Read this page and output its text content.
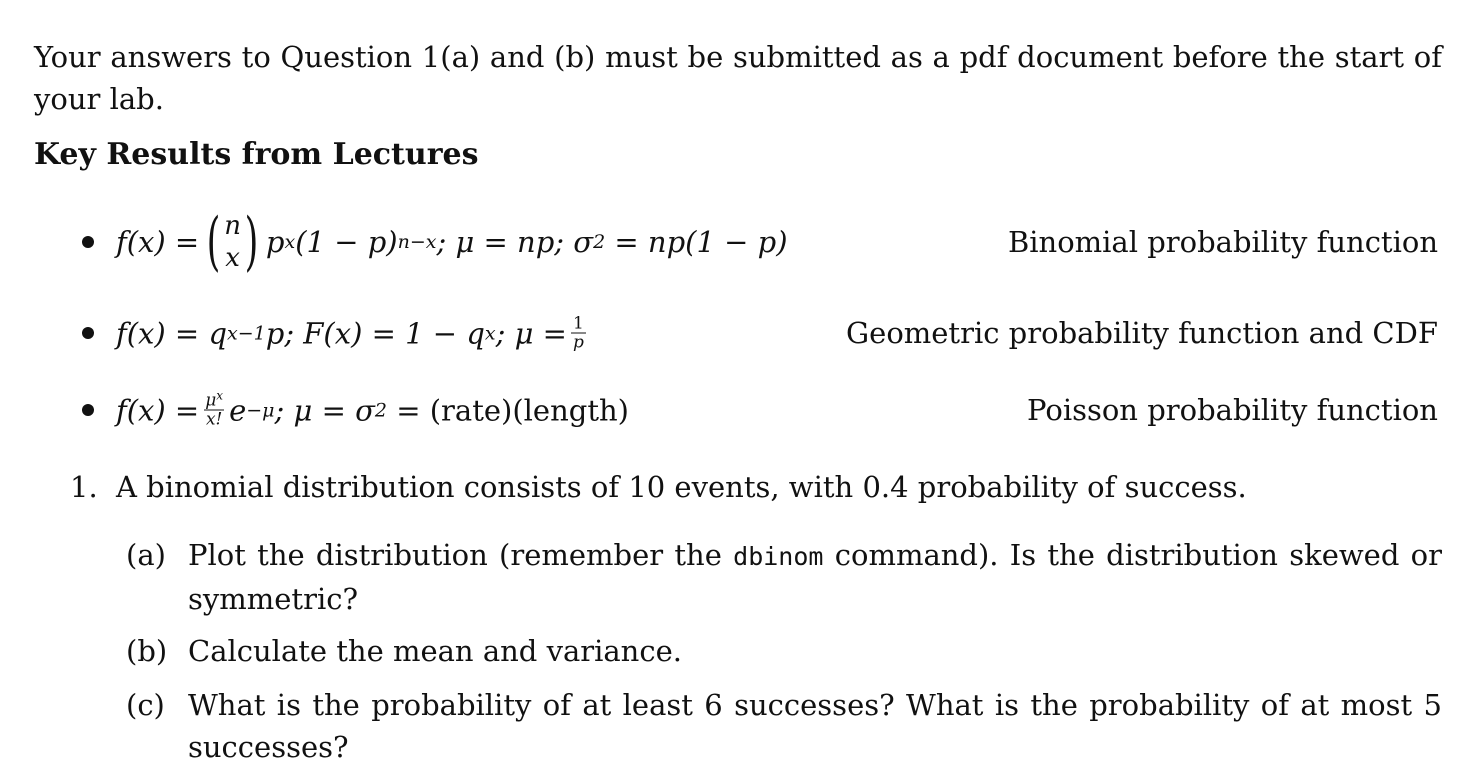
Your answers to Question 1(a) and (b) must be submitted as a pdf document before the start of your lab.
Key Results from Lectures
f(x) = ( n
x ) p x (1 − p) n−x ; μ = np; σ 2 = np(1 − p)	Binomial probability function
f(x) = q x−1 p; F(x) = 1 − q x ; $\mu = \frac{1}{p}$	Geometric probability function and CDF
$f(x) = \frac{\mu^x}{x!}$ e −μ ; μ = σ 2 = (rate)(length)	Poisson probability function
1. A binomial distribution consists of 10 events, with 0.4 probability of success.
(a) Plot the distribution (remember the dbinom command). Is the distribution skewed or symmetric?
(b) Calculate the mean and variance.
(c) What is the probability of at least 6 successes? What is the probability of at most 5 successes?
